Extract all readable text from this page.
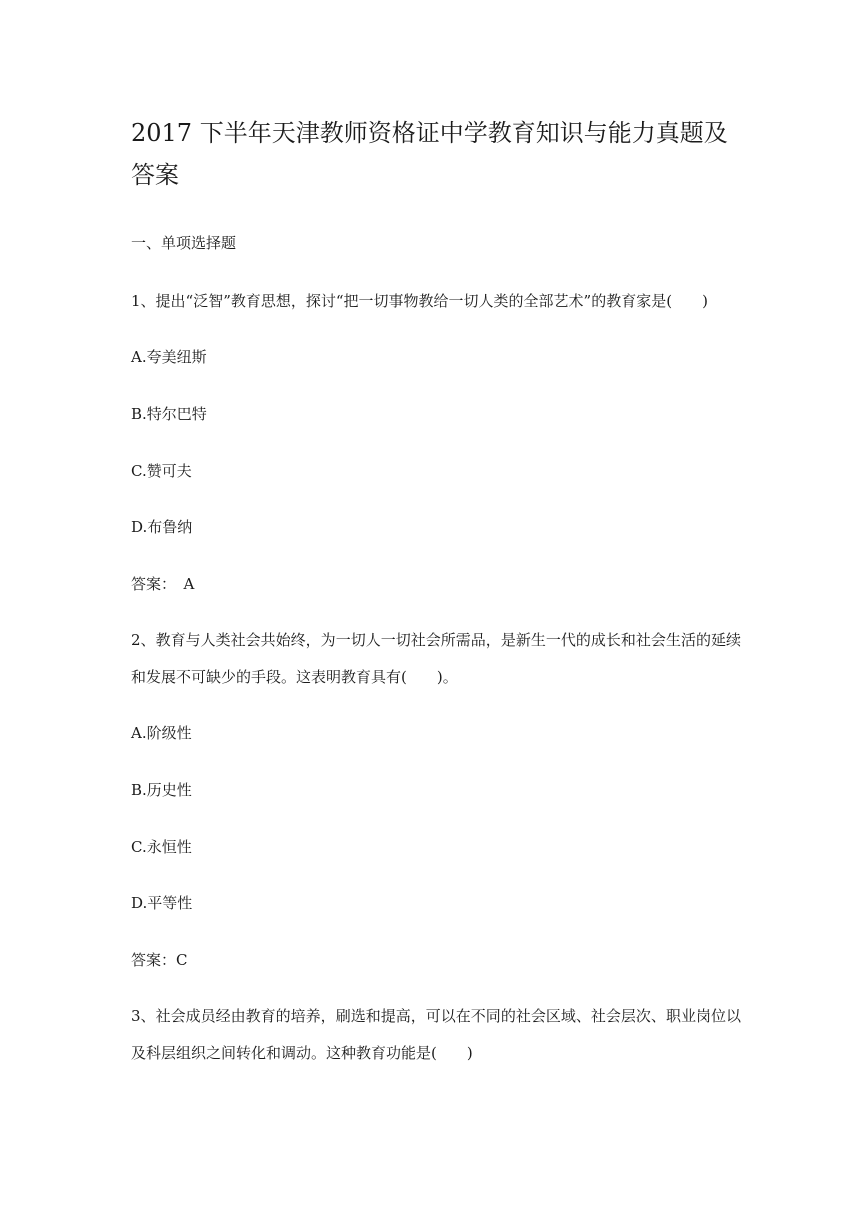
2017 下半年天津教师资格证中学教育知识与能力真题及答案

一、单项选择题

1、提出“泛智”教育思想，探讨“把一切事物教给一切人类的全部艺术”的教育家是(　　)

A.夸美纽斯

B.特尔巴特

C.赞可夫

D.布鲁纳

答案：　A

2、教育与人类社会共始终，为一切人一切社会所需品，是新生一代的成长和社会生活的延续和发展不可缺少的手段。这表明教育具有(　　)。

A.阶级性

B.历史性

C.永恒性

D.平等性

答案：C

3、社会成员经由教育的培养，刷选和提高，可以在不同的社会区域、社会层次、职业岗位以及科层组织之间转化和调动。这种教育功能是(　　)
